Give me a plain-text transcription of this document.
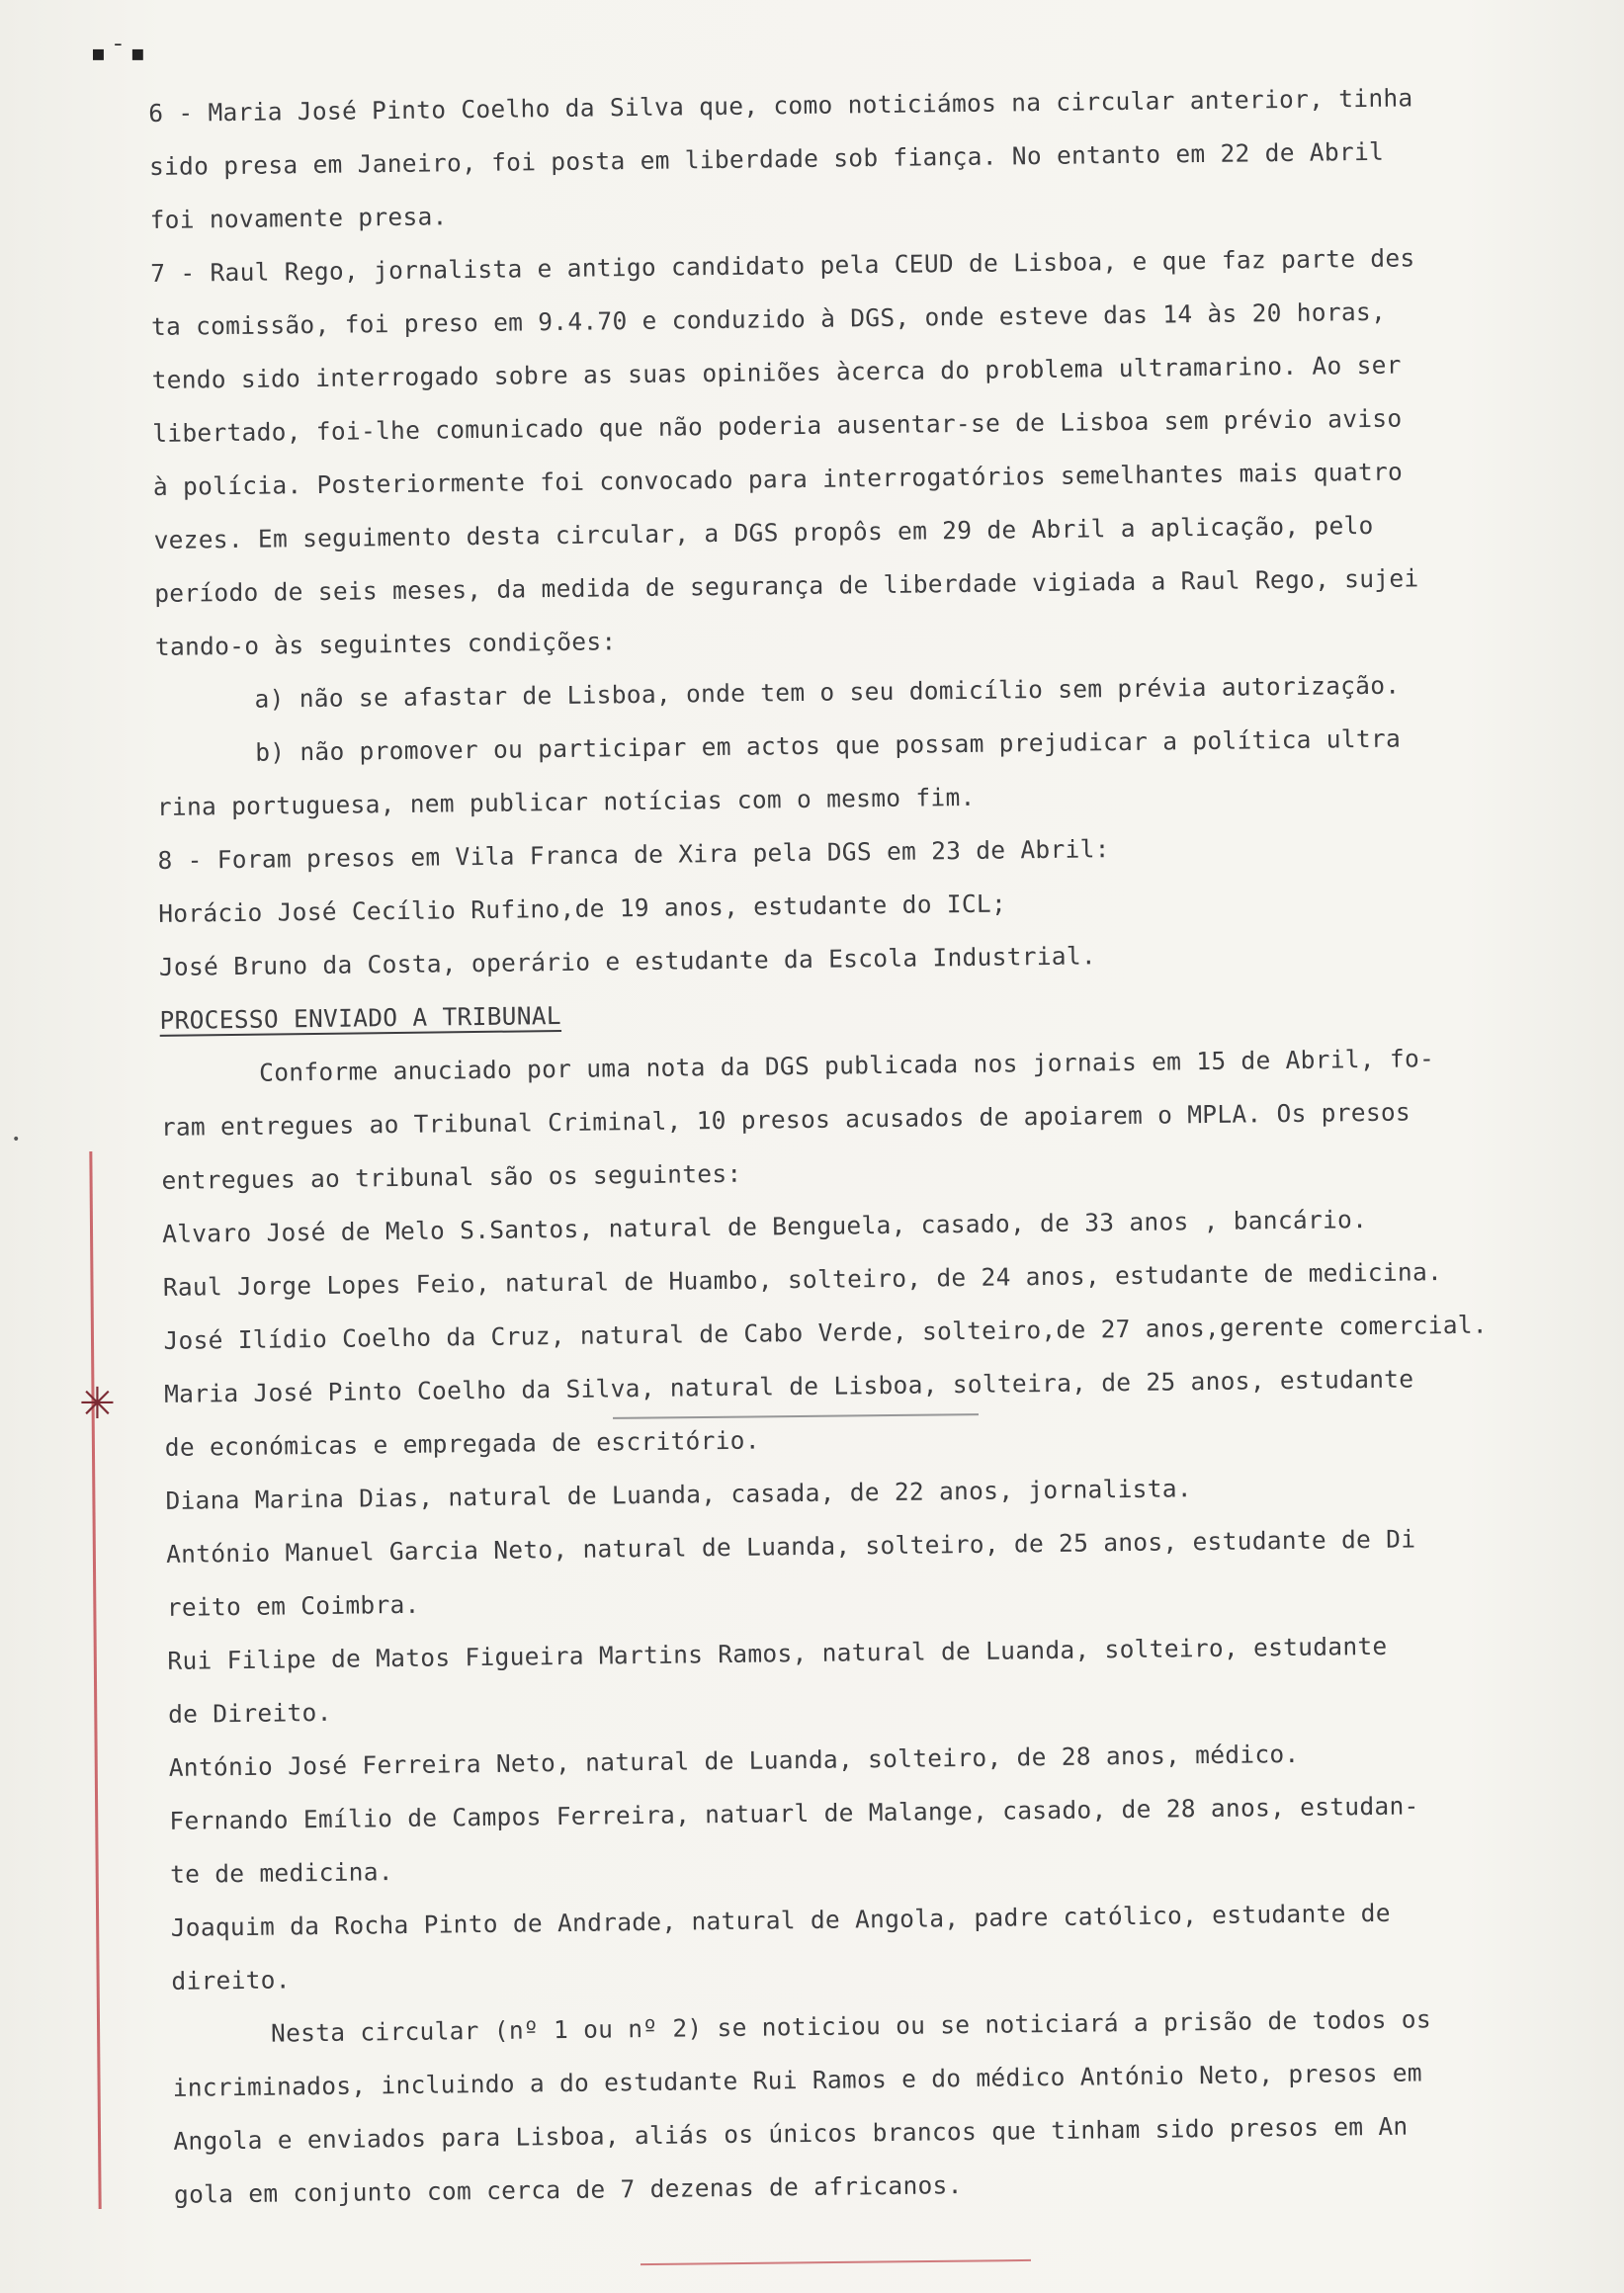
▪ ˉ ▪
•
✳
6 - Maria José Pinto Coelho da Silva que, como noticiámos na circular anterior, tinha
sido presa em Janeiro, foi posta em liberdade sob fiança. No entanto em 22 de Abril
foi novamente presa.
7 - Raul Rego, jornalista e antigo candidato pela CEUD de Lisboa, e que faz parte des
ta comissão, foi preso em 9.4.70 e conduzido à DGS, onde esteve das 14 às 20 horas,
tendo sido interrogado sobre as suas opiniões àcerca do problema ultramarino. Ao ser
libertado, foi-lhe comunicado que não poderia ausentar-se de Lisboa sem prévio aviso
à polícia. Posteriormente foi convocado para interrogatórios semelhantes mais quatro
vezes. Em seguimento desta circular, a DGS propôs em 29 de Abril a aplicação, pelo
período de seis meses, da medida de segurança de liberdade vigiada a Raul Rego, sujei
tando-o às seguintes condições:
a) não se afastar de Lisboa, onde tem o seu domicílio sem prévia autorização.
b) não promover ou participar em actos que possam prejudicar a política ultra
rina portuguesa, nem publicar notícias com o mesmo fim.
8 - Foram presos em Vila Franca de Xira pela DGS em 23 de Abril:
Horácio José Cecílio Rufino,de 19 anos, estudante do ICL;
José Bruno da Costa, operário e estudante da Escola Industrial.
PROCESSO ENVIADO A TRIBUNAL
Conforme anuciado por uma nota da DGS publicada nos jornais em 15 de Abril, fo-
ram entregues ao Tribunal Criminal, 10 presos acusados de apoiarem o MPLA. Os presos
entregues ao tribunal são os seguintes:
Alvaro José de Melo S.Santos, natural de Benguela, casado, de 33 anos , bancário.
Raul Jorge Lopes Feio, natural de Huambo, solteiro, de 24 anos, estudante de medicina.
José Ilídio Coelho da Cruz, natural de Cabo Verde, solteiro,de 27 anos,gerente comercial.
Maria José Pinto Coelho da Silva, natural de Lisboa, solteira, de 25 anos, estudante
de económicas e empregada de escritório.
Diana Marina Dias, natural de Luanda, casada, de 22 anos, jornalista.
António Manuel Garcia Neto, natural de Luanda, solteiro, de 25 anos, estudante de Di
reito em Coimbra.
Rui Filipe de Matos Figueira Martins Ramos, natural de Luanda, solteiro, estudante
de Direito.
António José Ferreira Neto, natural de Luanda, solteiro, de 28 anos, médico.
Fernando Emílio de Campos Ferreira, natuarl de Malange, casado, de 28 anos, estudan-
te de medicina.
Joaquim da Rocha Pinto de Andrade, natural de Angola, padre católico, estudante de
direito.
Nesta circular (nº 1 ou nº 2) se noticiou ou se noticiará a prisão de todos os
incriminados, incluindo a do estudante Rui Ramos e do médico António Neto, presos em
Angola e enviados para Lisboa, aliás os únicos brancos que tinham sido presos em An
gola em conjunto com cerca de 7 dezenas de africanos.
